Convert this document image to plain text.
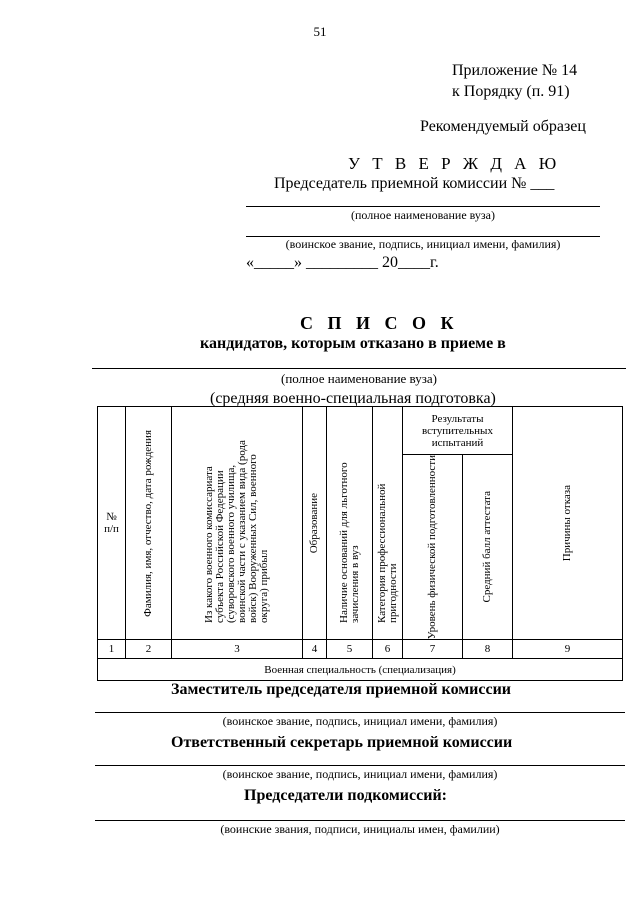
51
Приложение № 14
к Порядку (п. 91)
Рекомендуемый образец
У Т В Е Р Ж Д А Ю
Председатель приемной комиссии № ___
(полное наименование вуза)
(воинское звание, подпись, инициал имени, фамилия)
«_____» _________ 20____г.
С П И С О К
кандидатов, которым отказано в приеме в
(полное наименование вуза)
(средняя военно-специальная подготовка)
№ п/п	Фамилия, имя, отчество, дата рождения	Из какого военного комиссариата субъекта Российской Федерации (суворовского военного училища, воинской части с указанием вида (рода войск) Вооруженных Сил, военного округа) прибыл	Образование	Наличие оснований для льготного зачисления в вуз	Категория профессиональной пригодности	Результаты вступительных испытаний		Причины отказа

						Уровень физической подготовленности	Средний балл аттестата	

1	2	3	4	5	6	7	8	9
Военная специальность (специализация)								
Заместитель председателя приемной комиссии
(воинское звание, подпись, инициал имени, фамилия)
Ответственный секретарь приемной комиссии
(воинское звание, подпись, инициал имени, фамилия)
Председатели подкомиссий:
(воинские звания, подписи, инициалы имен, фамилии)
